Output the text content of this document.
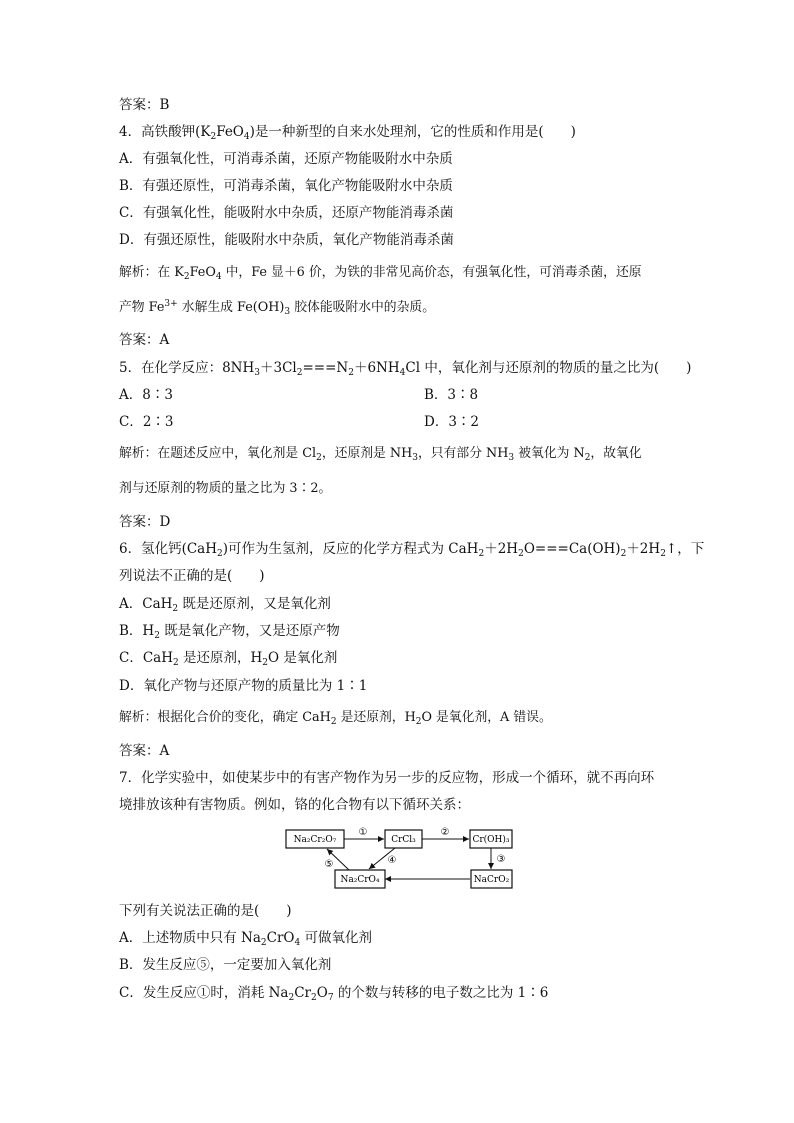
答案：B
4．高铁酸钾$(K_2FeO_4)$是一种新型的自来水处理剂，它的性质和作用是(　　)
A．有强氧化性，可消毒杀菌，还原产物能吸附水中杂质
B．有强还原性，可消毒杀菌，氧化产物能吸附水中杂质
C．有强氧化性，能吸附水中杂质，还原产物能消毒杀菌
D．有强还原性，能吸附水中杂质，氧化产物能消毒杀菌
解析：在 $K_2FeO_4$ 中，Fe 显＋6 价，为铁的非常见高价态，有强氧化性，可消毒杀菌，还原
产物 $Fe^{3+}$ 水解生成 $Fe(OH)_3$ 胶体能吸附水中的杂质。
答案：A
5．在化学反应：$8NH_3+3Cl_2===N_2+6NH_4Cl$ 中，氧化剂与还原剂的物质的量之比为(　　)
A．8∶3	B．3∶8
C．2∶3	D．3∶2
解析：在题述反应中，氧化剂是 $Cl_2$，还原剂是 $NH_3$，只有部分 $NH_3$ 被氧化为 $N_2$，故氧化
剂与还原剂的物质的量之比为 3∶2。
答案：D
6．氢化钙(CaH$_2$)可作为生氢剂，反应的化学方程式为 $CaH_2+2H_2O===Ca(OH)_2+2H_2↑$，下
列说法不正确的是(　　)
A．CaH$_2$ 既是还原剂，又是氧化剂
B．$H_2$ 既是氧化产物，又是还原产物
C．CaH$_2$ 是还原剂，$H_2O$ 是氧化剂
D．氧化产物与还原产物的质量比为 1∶1
解析：根据化合价的变化，确定 CaH$_2$ 是还原剂，$H_2O$ 是氧化剂，A 错误。
答案：A
7．化学实验中，如使某步中的有害产物作为另一步的反应物，形成一个循环，就不再向环
境排放该种有害物质。例如，铬的化合物有以下循环关系：
Na₂Cr₂O₇	CrCl₃	Cr(OH)₃
NaCrO₂
Na₂CrO₄
①	②
③
④
⑤
下列有关说法正确的是(　　)
A．上述物质中只有 $Na_2CrO_4$ 可做氧化剂
B．发生反应⑤，一定要加入氧化剂
C．发生反应①时，消耗 $Na_2Cr_2O_7$ 的个数与转移的电子数之比为 1∶6
